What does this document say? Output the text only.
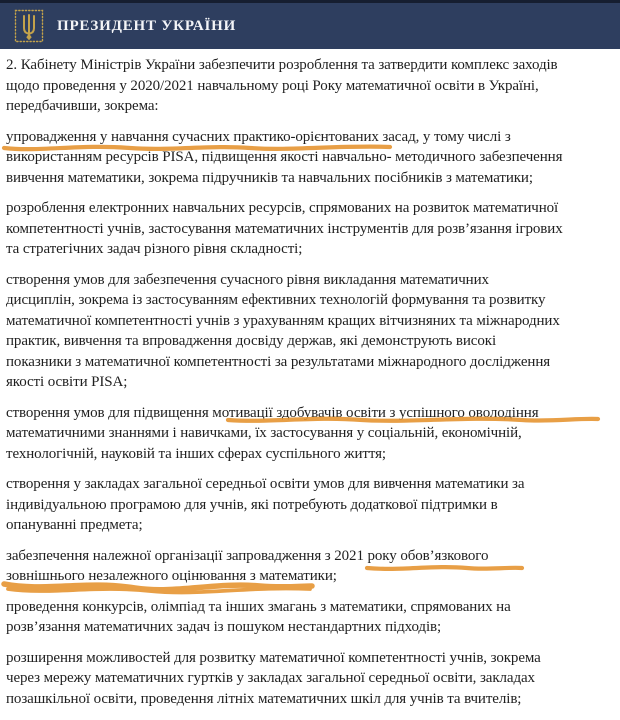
ПРЕЗИДЕНТ УКРАЇНИ
2. Кабінету Міністрів України забезпечити розроблення та затвердити комплекс заходів
щодо проведення у 2020/2021 навчальному році Року математичної освіти в Україні,
передбачивши, зокрема:
упровадження у навчання сучасних практико-орієнтованих засад, у тому числі з
використанням ресурсів PISA, підвищення якості навчально- методичного забезпечення
вивчення математики, зокрема підручників та навчальних посібників з математики;
розроблення електронних навчальних ресурсів, спрямованих на розвиток математичної
компетентності учнів, застосування математичних інструментів для розв’язання ігрових
та стратегічних задач різного рівня складності;
створення умов для забезпечення сучасного рівня викладання математичних
дисциплін, зокрема із застосуванням ефективних технологій формування та розвитку
математичної компетентності учнів з урахуванням кращих вітчизняних та міжнародних
практик, вивчення та впровадження досвіду держав, які демонструють високі
показники з математичної компетентності за результатами міжнародного дослідження
якості освіти PISA;
створення умов для підвищення мотивації здобувачів освіти з успішного оволодіння
математичними знаннями і навичками, їх застосування у соціальній, економічній,
технологічній, науковій та інших сферах суспільного життя;
створення у закладах загальної середньої освіти умов для вивчення математики за
індивідуальною програмою для учнів, які потребують додаткової підтримки в
опануванні предмета;
забезпечення належної організації запровадження з 2021 року обов’язкового
зовнішнього незалежного оцінювання з математики;
проведення конкурсів, олімпіад та інших змагань з математики, спрямованих на
розв’язання математичних задач із пошуком нестандартних підходів;
розширення можливостей для розвитку математичної компетентності учнів, зокрема
через мережу математичних гуртків у закладах загальної середньої освіти, закладах
позашкільної освіти, проведення літніх математичних шкіл для учнів та вчителів;
